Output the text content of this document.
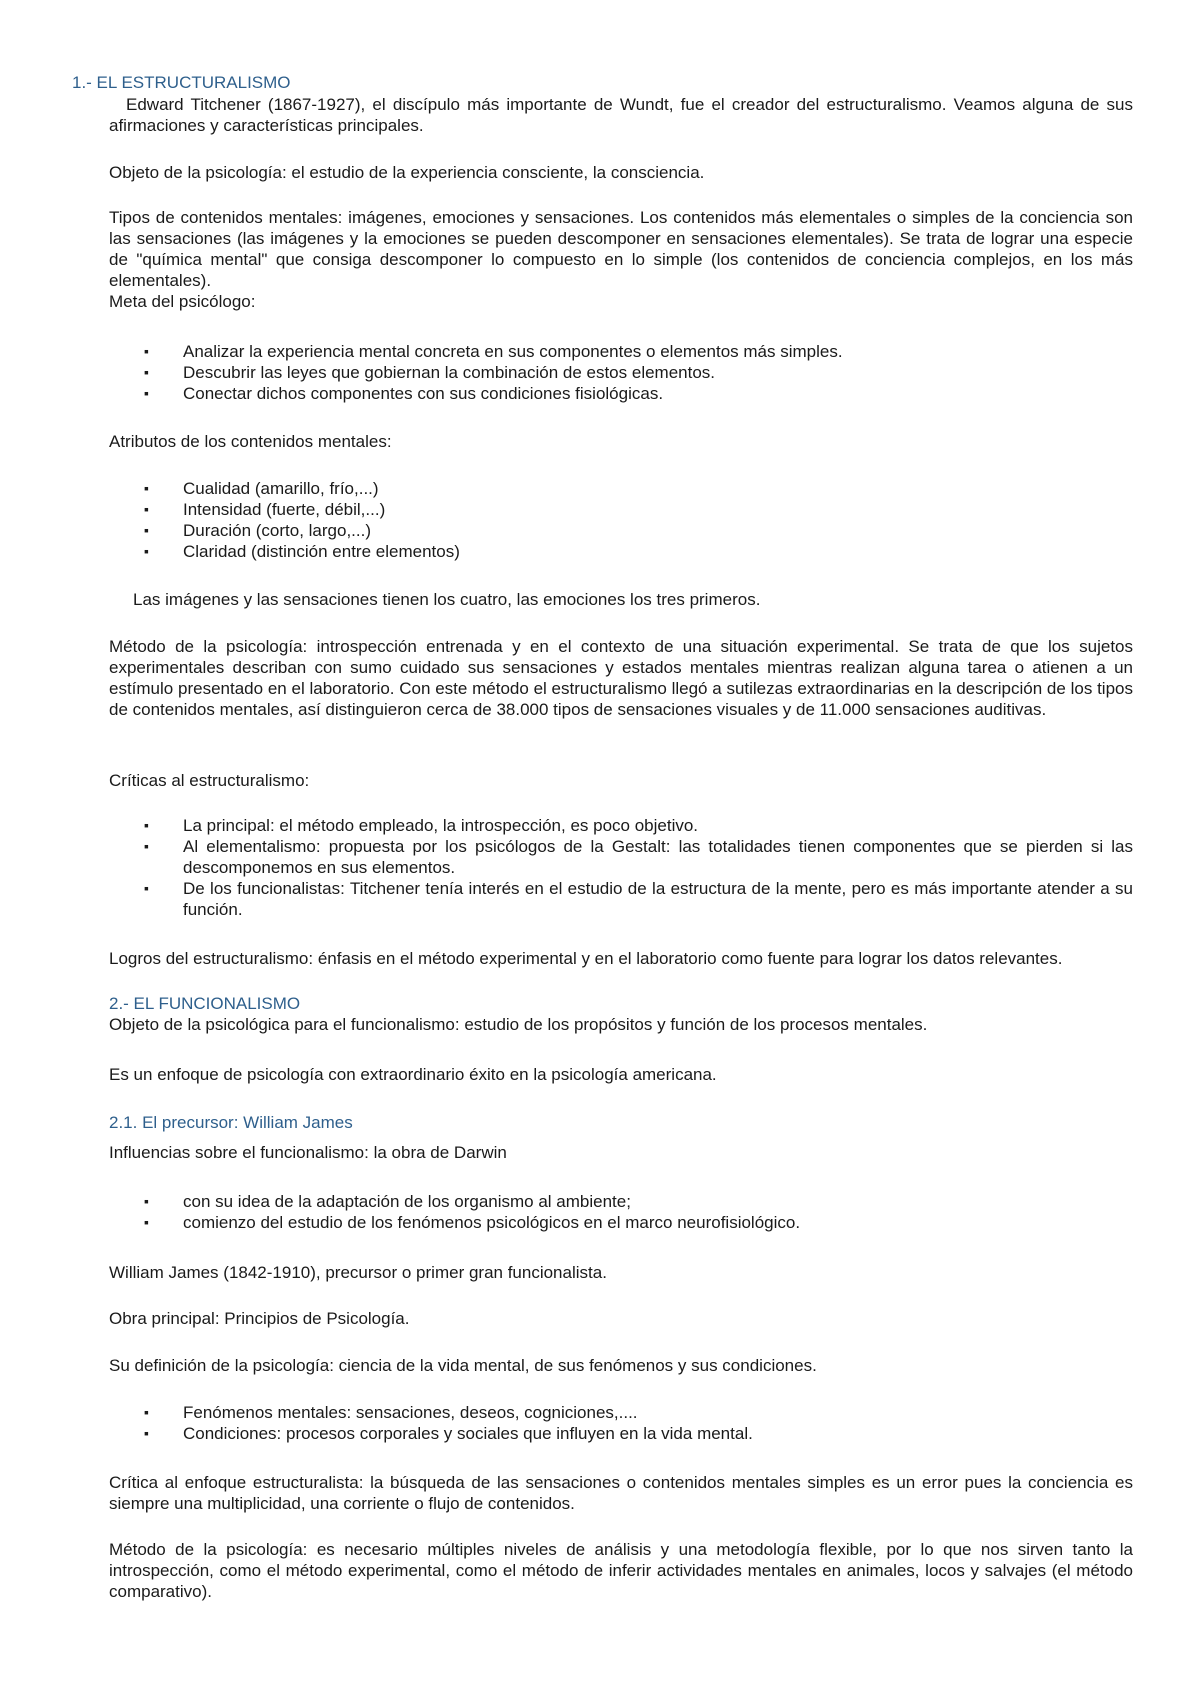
1.- EL ESTRUCTURALISMO

Edward Titchener (1867-1927), el discípulo más importante de Wundt, fue el creador del estructuralismo. Veamos alguna de sus afirmaciones y características principales.

Objeto de la psicología: el estudio de la experiencia consciente, la consciencia.

Tipos de contenidos mentales: imágenes, emociones y sensaciones. Los contenidos más elementales o simples de la conciencia son las sensaciones (las imágenes y la emociones se pueden descomponer en sensaciones elementales). Se trata de lograr una especie de "química mental" que consiga descomponer lo compuesto en lo simple (los contenidos de conciencia complejos, en los más elementales).

Meta del psicólogo:

▪ Analizar la experiencia mental concreta en sus componentes o elementos más simples.
▪ Descubrir las leyes que gobiernan la combinación de estos elementos.
▪ Conectar dichos componentes con sus condiciones fisiológicas.

Atributos de los contenidos mentales:

▪ Cualidad (amarillo, frío,...)
▪ Intensidad (fuerte, débil,...)
▪ Duración (corto, largo,...)
▪ Claridad (distinción entre elementos)

Las imágenes y las sensaciones tienen los cuatro, las emociones los tres primeros.

Método de la psicología: introspección entrenada y en el contexto de una situación experimental. Se trata de que los sujetos experimentales describan con sumo cuidado sus sensaciones y estados mentales mientras realizan alguna tarea o atienen a un estímulo presentado en el laboratorio. Con este método el estructuralismo llegó a sutilezas extraordinarias en la descripción de los tipos de contenidos mentales, así distinguieron cerca de 38.000 tipos de sensaciones visuales y de 11.000 sensaciones auditivas.

Críticas al estructuralismo:

▪ La principal: el método empleado, la introspección, es poco objetivo.
▪ Al elementalismo: propuesta por los psicólogos de la Gestalt: las totalidades tienen componentes que se pierden si las descomponemos en sus elementos.
▪ De los funcionalistas: Titchener tenía interés en el estudio de la estructura de la mente, pero es más importante atender a su función.

Logros del estructuralismo: énfasis en el método experimental y en el laboratorio como fuente para lograr los datos relevantes.

2.- EL FUNCIONALISMO

Objeto de la psicológica para el funcionalismo: estudio de los propósitos y función de los procesos mentales.

Es un enfoque de psicología con extraordinario éxito en la psicología americana.

2.1. El precursor: William James

Influencias sobre el funcionalismo: la obra de Darwin

▪ con su idea de la adaptación de los organismo al ambiente;
▪ comienzo del estudio de los fenómenos psicológicos en el marco neurofisiológico.

William James (1842-1910), precursor o primer gran funcionalista.

Obra principal: Principios de Psicología.

Su definición de la psicología: ciencia de la vida mental, de sus fenómenos y sus condiciones.

▪ Fenómenos mentales: sensaciones, deseos, cogniciones,....
▪ Condiciones: procesos corporales y sociales que influyen en la vida mental.

Crítica al enfoque estructuralista: la búsqueda de las sensaciones o contenidos mentales simples es un error pues la conciencia es siempre una multiplicidad, una corriente o flujo de contenidos.

Método de la psicología: es necesario múltiples niveles de análisis y una metodología flexible, por lo que nos sirven tanto la introspección, como el método experimental, como el método de inferir actividades mentales en animales, locos y salvajes (el método comparativo).
